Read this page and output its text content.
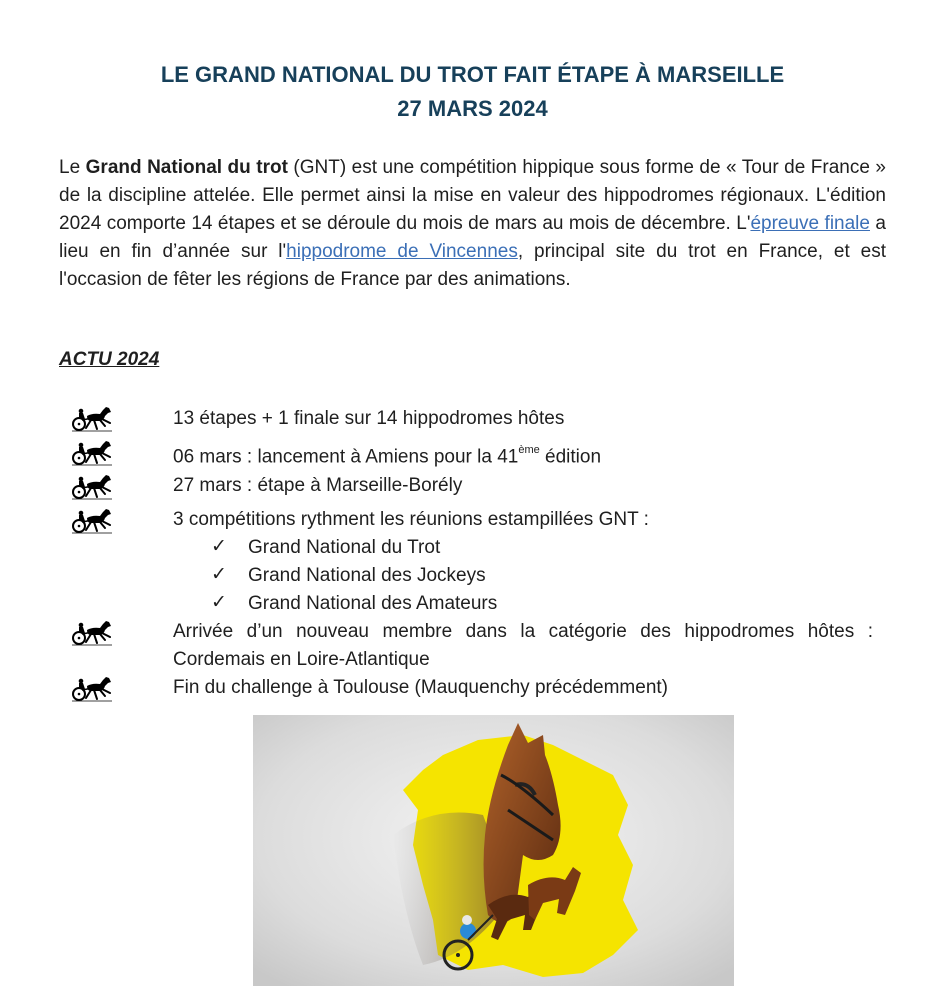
LE GRAND NATIONAL DU TROT FAIT ÉTAPE À MARSEILLE
27 MARS 2024

Le Grand National du trot (GNT) est une compétition hippique sous forme de « Tour de France » de la discipline attelée. Elle permet ainsi la mise en valeur des hippodromes régionaux. L'édition 2024 comporte 14 étapes et se déroule du mois de mars au mois de décembre. L'épreuve finale a lieu en fin d’année sur l'hippodrome de Vincennes, principal site du trot en France, et est l'occasion de fêter les régions de France par des animations.

ACTU 2024

13 étapes + 1 finale sur 14 hippodromes hôtes

06 mars : lancement à Amiens pour la 41ème édition

27 mars : étape à Marseille-Borély

3 compétitions rythment les réunions estampillées GNT :

✓ Grand National du Trot

✓ Grand National des Jockeys

✓ Grand National des Amateurs

Arrivée d’un nouveau membre dans la catégorie des hippodromes hôtes : Cordemais en Loire-Atlantique

Fin du challenge à Toulouse (Mauquenchy précédemment)
